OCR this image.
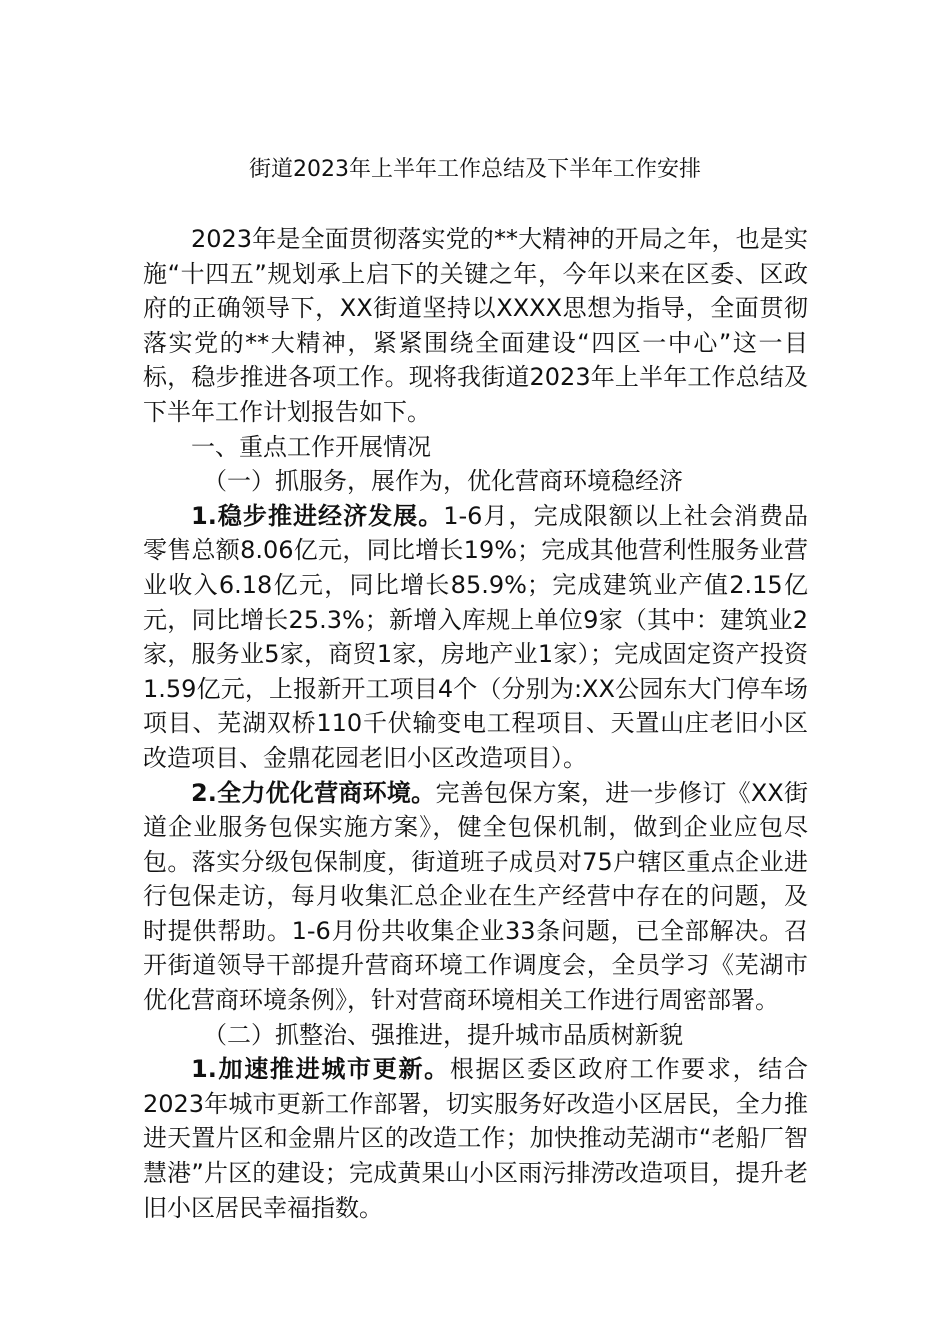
街道2023年上半年工作总结及下半年工作安排

2023年是全面贯彻落实党的**大精神的开局之年，也是实施“十四五”规划承上启下的关键之年，今年以来在区委、区政府的正确领导下，XX街道坚持以XXXX思想为指导，全面贯彻落实党的**大精神，紧紧围绕全面建设“四区一中心”这一目标，稳步推进各项工作。现将我街道2023年上半年工作总结及下半年工作计划报告如下。

一、重点工作开展情况

（一）抓服务，展作为，优化营商环境稳经济

1.稳步推进经济发展。1-6月，完成限额以上社会消费品零售总额8.06亿元，同比增长19%；完成其他营利性服务业营业收入6.18亿元，同比增长85.9%；完成建筑业产值2.15亿元，同比增长25.3%；新增入库规上单位9家（其中：建筑业2家，服务业5家，商贸1家，房地产业1家）；完成固定资产投资1.59亿元，上报新开工项目4个（分别为:XX公园东大门停车场项目、芜湖双桥110千伏输变电工程项目、天置山庄老旧小区改造项目、金鼎花园老旧小区改造项目）。

2.全力优化营商环境。完善包保方案，进一步修订《XX街道企业服务包保实施方案》，健全包保机制，做到企业应包尽包。落实分级包保制度，街道班子成员对75户辖区重点企业进行包保走访，每月收集汇总企业在生产经营中存在的问题，及时提供帮助。1-6月份共收集企业33条问题，已全部解决。召开街道领导干部提升营商环境工作调度会，全员学习《芜湖市优化营商环境条例》，针对营商环境相关工作进行周密部署。

（二）抓整治、强推进，提升城市品质树新貌

1.加速推进城市更新。根据区委区政府工作要求，结合2023年城市更新工作部署，切实服务好改造小区居民，全力推进天置片区和金鼎片区的改造工作；加快推动芜湖市“老船厂智慧港”片区的建设；完成黄果山小区雨污排涝改造项目，提升老旧小区居民幸福指数。
